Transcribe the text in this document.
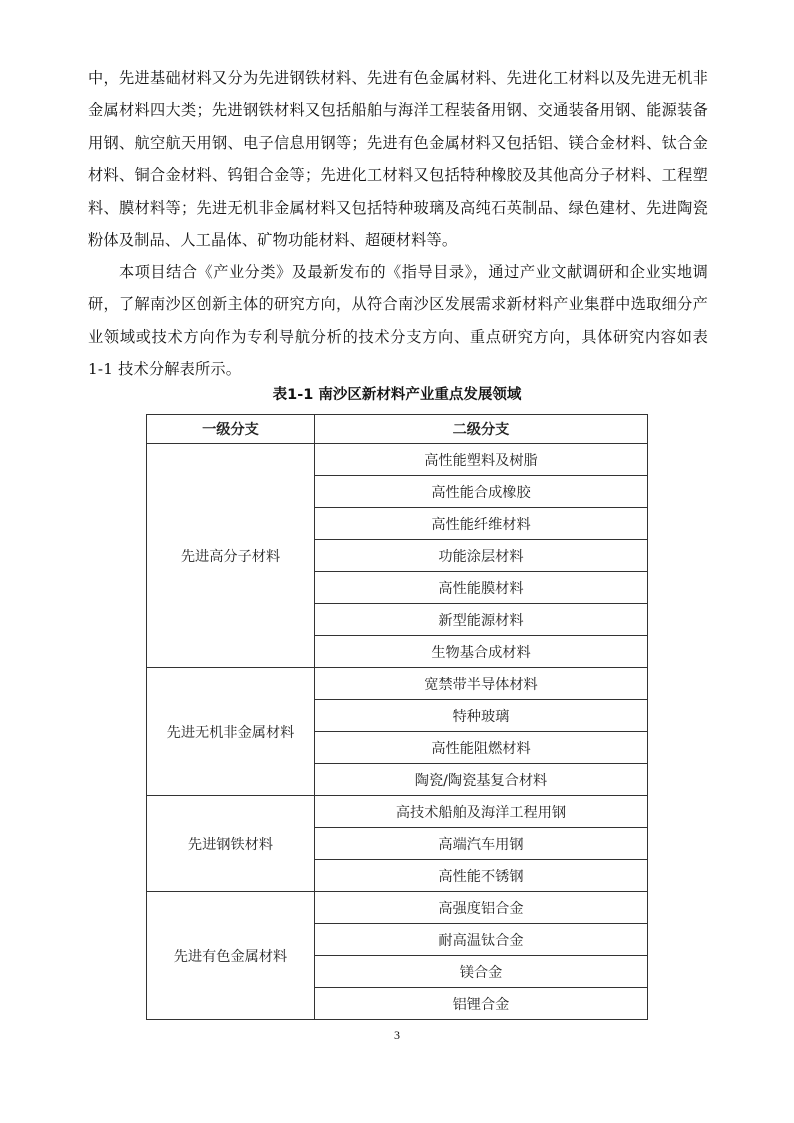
中，先进基础材料又分为先进钢铁材料、先进有色金属材料、先进化工材料以及先进无机非金属材料四大类；先进钢铁材料又包括船舶与海洋工程装备用钢、交通装备用钢、能源装备用钢、航空航天用钢、电子信息用钢等；先进有色金属材料又包括铝、镁合金材料、钛合金材料、铜合金材料、钨钼合金等；先进化工材料又包括特种橡胶及其他高分子材料、工程塑料、膜材料等；先进无机非金属材料又包括特种玻璃及高纯石英制品、绿色建材、先进陶瓷粉体及制品、人工晶体、矿物功能材料、超硬材料等。
本项目结合《产业分类》及最新发布的《指导目录》，通过产业文献调研和企业实地调研，了解南沙区创新主体的研究方向，从符合南沙区发展需求新材料产业集群中选取细分产业领域或技术方向作为专利导航分析的技术分支方向、重点研究方向，具体研究内容如表 1-1 技术分解表所示。
表1-1 南沙区新材料产业重点发展领域
一级分支	二级分支
先进高分子材料	高性能塑料及树脂
	高性能合成橡胶
	高性能纤维材料
	功能涂层材料
	高性能膜材料
	新型能源材料
	生物基合成材料
先进无机非金属材料	宽禁带半导体材料
	特种玻璃
	高性能阻燃材料
	陶瓷/陶瓷基复合材料
先进钢铁材料	高技术船舶及海洋工程用钢
	高端汽车用钢
	高性能不锈钢
先进有色金属材料	高强度铝合金
	耐高温钛合金
	镁合金
	铝锂合金
3
